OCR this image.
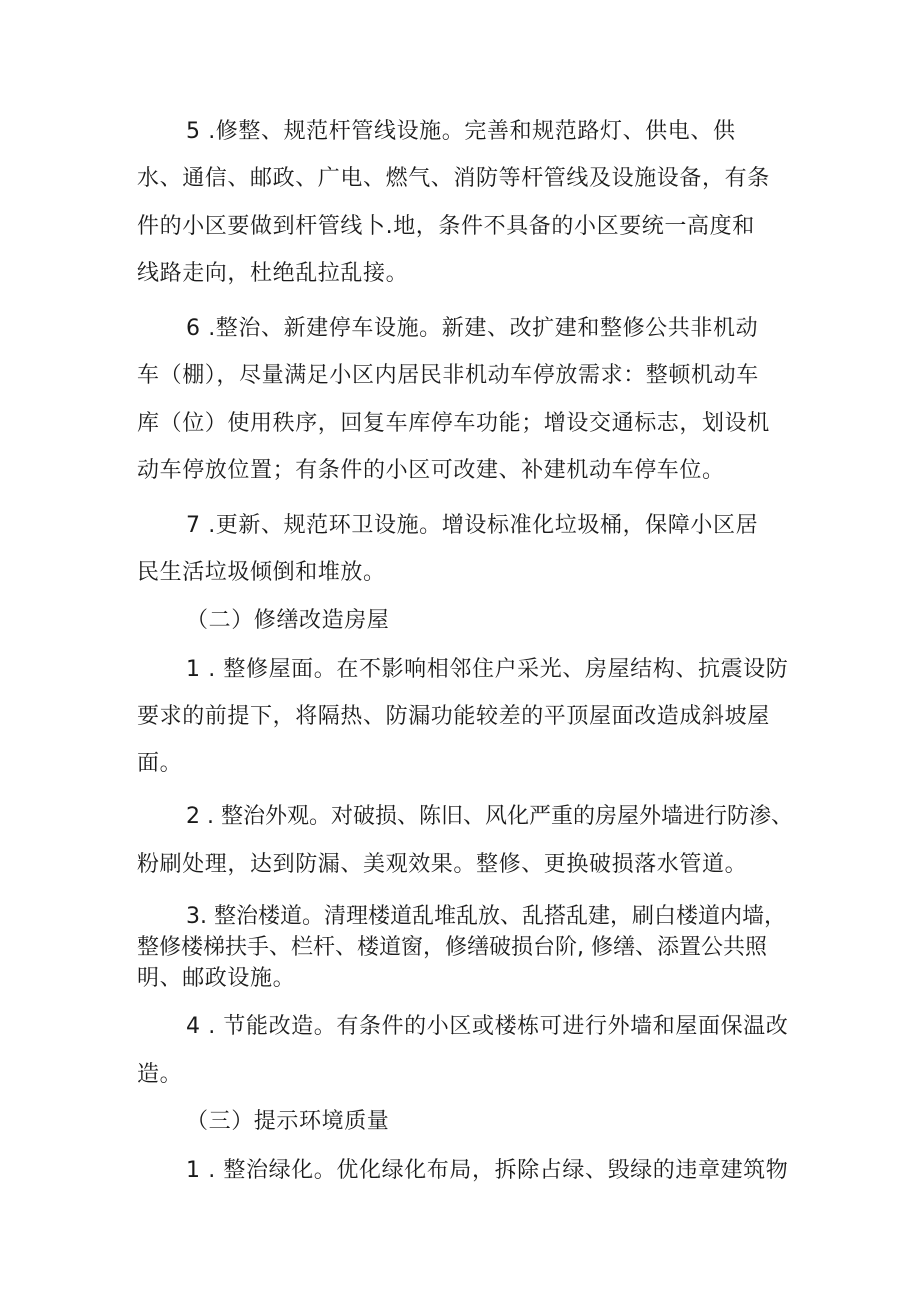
5 .修整、规范杆管线设施。完善和规范路灯、供电、供
水、通信、邮政、广电、燃气、消防等杆管线及设施设备，有条
件的小区要做到杆管线卜.地，条件不具备的小区要统一高度和
线路走向，杜绝乱拉乱接。
6 .整治、新建停车设施。新建、改扩建和整修公共非机动
车（棚），尽量满足小区内居民非机动车停放需求：整顿机动车
库（位）使用秩序，回复车库停车功能；增设交通标志，划设机
动车停放位置；有条件的小区可改建、补建机动车停车位。
7 .更新、规范环卫设施。增设标准化垃圾桶，保障小区居
民生活垃圾倾倒和堆放。
（二）修缮改造房屋
1 . 整修屋面。在不影响相邻住户采光、房屋结构、抗震设防
要求的前提下，将隔热、防漏功能较差的平顶屋面改造成斜坡屋
面。
2 . 整治外观。对破损、陈旧、风化严重的房屋外墙进行防渗、
粉刷处理，达到防漏、美观效果。整修、更换破损落水管道。
3. 整治楼道。清理楼道乱堆乱放、乱搭乱建，刷白楼道内墙，
整修楼梯扶手、栏杆、楼道窗，修缮破损台阶, 修缮、添置公共照
明、邮政设施。
4 . 节能改造。有条件的小区或楼栋可进行外墙和屋面保温改
造。
（三）提示环境质量
1 . 整治绿化。优化绿化布局，拆除占绿、毁绿的违章建筑物
